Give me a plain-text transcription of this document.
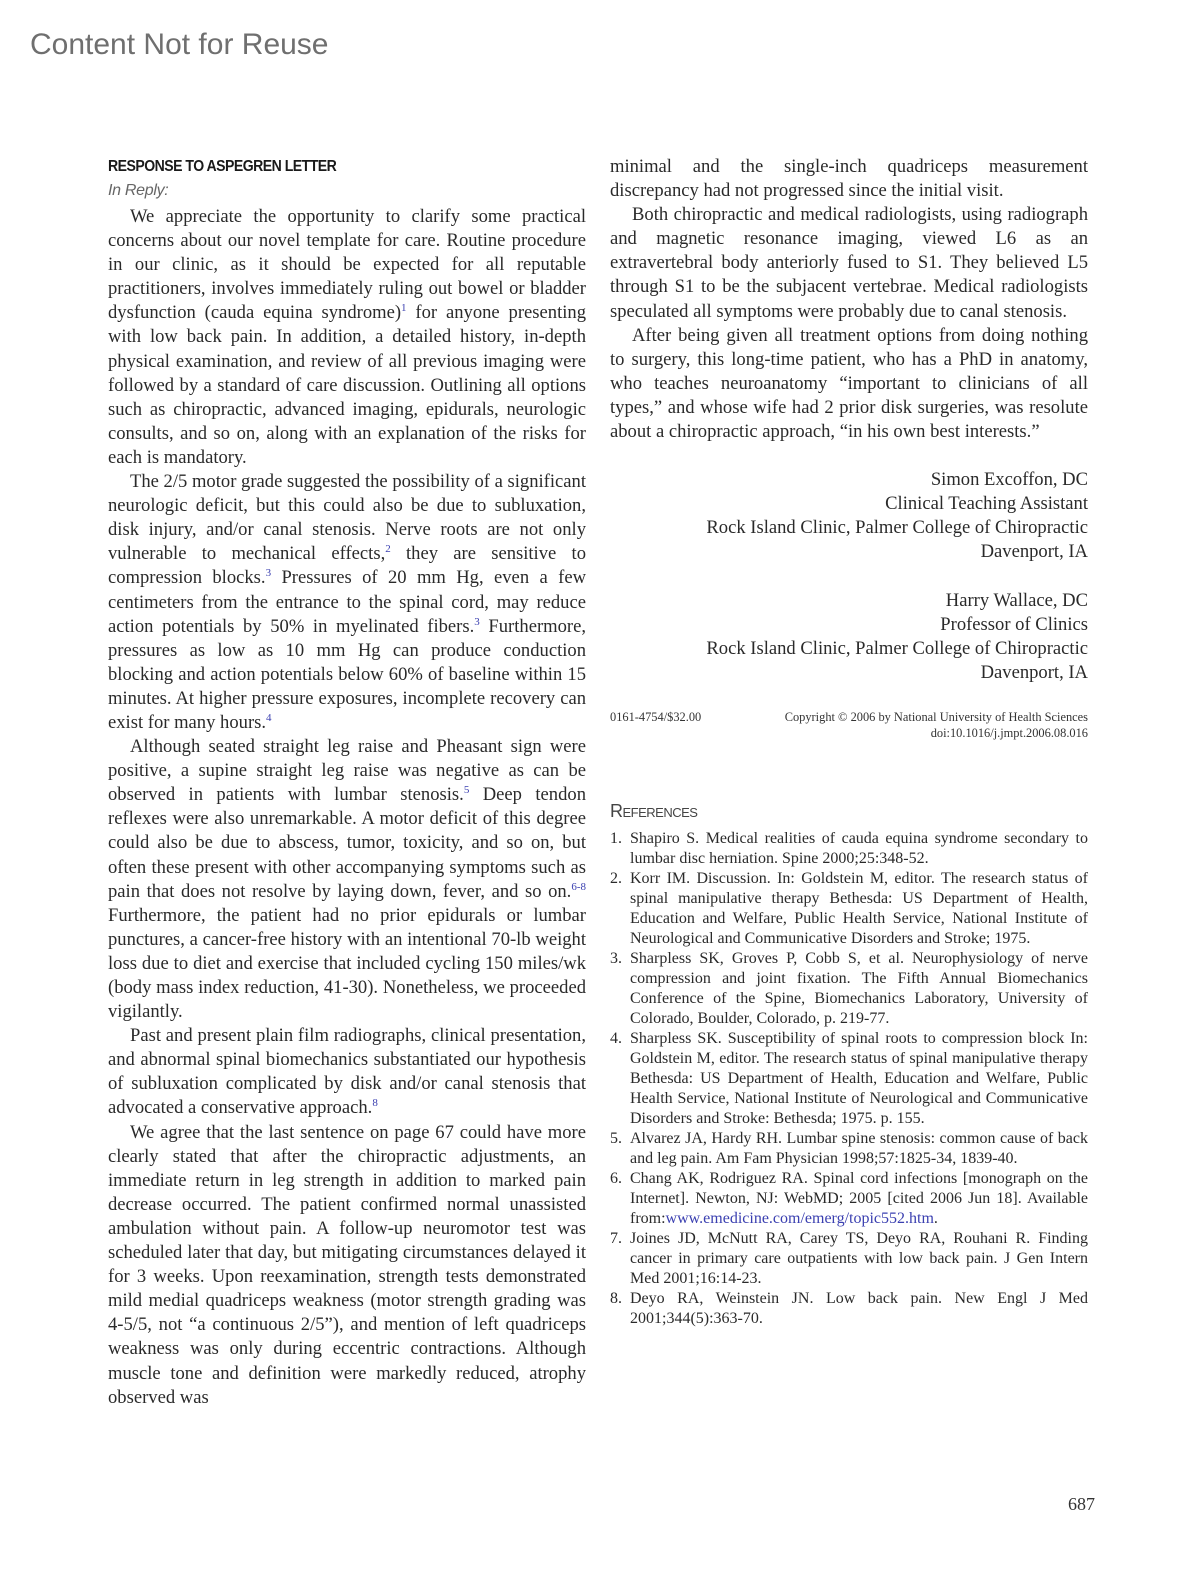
Content Not for Reuse
RESPONSE TO ASPEGREN LETTER
In Reply:

We appreciate the opportunity to clarify some practical concerns about our novel template for care. Routine procedure in our clinic, as it should be expected for all reputable practitioners, involves immediately ruling out bowel or bladder dysfunction (cauda equina syndrome)$^1$ for anyone presenting with low back pain. In addition, a detailed history, in-depth physical examination, and review of all previous imaging were followed by a standard of care discussion. Outlining all options such as chiropractic, advanced imaging, epidurals, neurologic consults, and so on, along with an explanation of the risks for each is mandatory.

The 2/5 motor grade suggested the possibility of a significant neurologic deficit, but this could also be due to subluxation, disk injury, and/or canal stenosis. Nerve roots are not only vulnerable to mechanical effects,$^2$ they are sensitive to compression blocks.$^3$ Pressures of 20 mm Hg, even a few centimeters from the entrance to the spinal cord, may reduce action potentials by 50% in myelinated fibers.$^3$ Furthermore, pressures as low as 10 mm Hg can produce conduction blocking and action potentials below 60% of baseline within 15 minutes. At higher pressure exposures, incomplete recovery can exist for many hours.$^4$

Although seated straight leg raise and Pheasant sign were positive, a supine straight leg raise was negative as can be observed in patients with lumbar stenosis.$^5$ Deep tendon reflexes were also unremarkable. A motor deficit of this degree could also be due to abscess, tumor, toxicity, and so on, but often these present with other accompanying symptoms such as pain that does not resolve by laying down, fever, and so on.$^{6-8}$ Furthermore, the patient had no prior epidurals or lumbar punctures, a cancer-free history with an intentional 70-lb weight loss due to diet and exercise that included cycling 150 miles/wk (body mass index reduction, 41-30). Nonetheless, we proceeded vigilantly.

Past and present plain film radiographs, clinical presentation, and abnormal spinal biomechanics substantiated our hypothesis of subluxation complicated by disk and/or canal stenosis that advocated a conservative approach.$^8$

We agree that the last sentence on page 67 could have more clearly stated that after the chiropractic adjustments, an immediate return in leg strength in addition to marked pain decrease occurred. The patient confirmed normal unassisted ambulation without pain. A follow-up neuromotor test was scheduled later that day, but mitigating circumstances delayed it for 3 weeks. Upon reexamination, strength tests demonstrated mild medial quadriceps weakness (motor strength grading was 4-5/5, not “a continuous 2/5”), and mention of left quadriceps weakness was only during eccentric contractions. Although muscle tone and definition were markedly reduced, atrophy observed was

minimal and the single-inch quadriceps measurement discrepancy had not progressed since the initial visit.

Both chiropractic and medical radiologists, using radiograph and magnetic resonance imaging, viewed L6 as an extravertebral body anteriorly fused to S1. They believed L5 through S1 to be the subjacent vertebrae. Medical radiologists speculated all symptoms were probably due to canal stenosis.

After being given all treatment options from doing nothing to surgery, this long-time patient, who has a PhD in anatomy, who teaches neuroanatomy “important to clinicians of all types,” and whose wife had 2 prior disk surgeries, was resolute about a chiropractic approach, “in his own best interests.”

Simon Excoffon, DC
Clinical Teaching Assistant
Rock Island Clinic, Palmer College of Chiropractic
Davenport, IA
Harry Wallace, DC
Professor of Clinics
Rock Island Clinic, Palmer College of Chiropractic
Davenport, IA
0161-4754/$32.00	Copyright © 2006 by National University of Health Sciences
doi:10.1016/j.jmpt.2006.08.016
References
1. Shapiro S. Medical realities of cauda equina syndrome secondary to lumbar disc herniation. Spine 2000;25:348-52.
2. Korr IM. Discussion. In: Goldstein M, editor. The research status of spinal manipulative therapy Bethesda: US Department of Health, Education and Welfare, Public Health Service, National Institute of Neurological and Communicative Disorders and Stroke; 1975.
3. Sharpless SK, Groves P, Cobb S, et al. Neurophysiology of nerve compression and joint fixation. The Fifth Annual Biomechanics Conference of the Spine, Biomechanics Laboratory, University of Colorado, Boulder, Colorado, p. 219-77.
4. Sharpless SK. Susceptibility of spinal roots to compression block In: Goldstein M, editor. The research status of spinal manipulative therapy Bethesda: US Department of Health, Education and Welfare, Public Health Service, National Institute of Neurological and Communicative Disorders and Stroke: Bethesda; 1975. p. 155.
5. Alvarez JA, Hardy RH. Lumbar spine stenosis: common cause of back and leg pain. Am Fam Physician 1998;57:1825-34, 1839-40.
6. Chang AK, Rodriguez RA. Spinal cord infections [monograph on the Internet]. Newton, NJ: WebMD; 2005 [cited 2006 Jun 18]. Available from:www.emedicine.com/emerg/topic552.htm.
7. Joines JD, McNutt RA, Carey TS, Deyo RA, Rouhani R. Finding cancer in primary care outpatients with low back pain. J Gen Intern Med 2001;16:14-23.
8. Deyo RA, Weinstein JN. Low back pain. New Engl J Med 2001;344(5):363-70.
687
